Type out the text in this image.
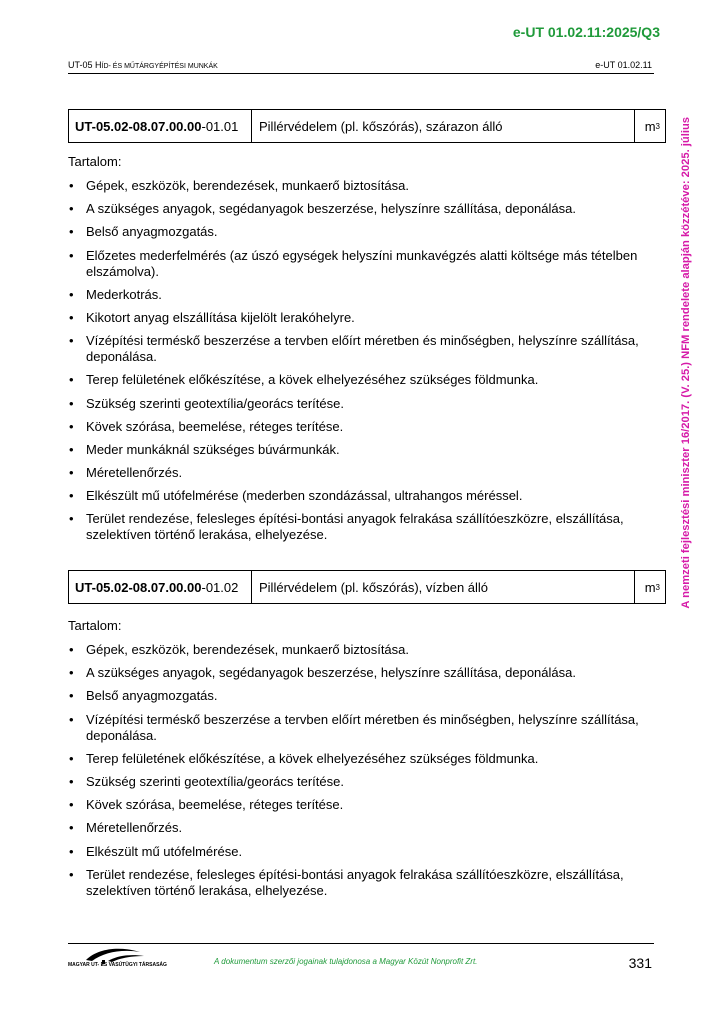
e-UT 01.02.11:2025/Q3
UT-05 HÍD- ÉS MŰTÁRGYÉPÍTÉSI MUNKÁK	e-UT 01.02.11
UT-05.02-08.07.00.00 -01.01	Pillérvédelem (pl. kőszórás), szárazon álló	m 3
Tartalom:
• Gépek, eszközök, berendezések, munkaerő biztosítása.
• A szükséges anyagok, segédanyagok beszerzése, helyszínre szállítása, deponálása.
• Belső anyagmozgatás.
• Előzetes mederfelmérés (az úszó egységek helyszíni munkavégzés alatti költsége más tételben elszámolva).
• Mederkotrás.
• Kikotort anyag elszállítása kijelölt lerakóhelyre.
• Vízépítési terméskő beszerzése a tervben előírt méretben és minőségben, helyszínre szállítása, deponálása.
• Terep felületének előkészítése, a kövek elhelyezéséhez szükséges földmunka.
• Szükség szerinti geotextília/georács terítése.
• Kövek szórása, beemelése, réteges terítése.
• Meder munkáknál szükséges búvármunkák.
• Méretellenőrzés.
• Elkészült mű utófelmérése (mederben szondázással, ultrahangos méréssel.
• Terület rendezése, felesleges építési-bontási anyagok felrakása szállítóeszközre, elszállítása, szelektíven történő lerakása, elhelyezése.
UT-05.02-08.07.00.00 -01.02	Pillérvédelem (pl. kőszórás), vízben álló	m 3
Tartalom:
• Gépek, eszközök, berendezések, munkaerő biztosítása.
• A szükséges anyagok, segédanyagok beszerzése, helyszínre szállítása, deponálása.
• Belső anyagmozgatás.
• Vízépítési terméskő beszerzése a tervben előírt méretben és minőségben, helyszínre szállítása, deponálása.
• Terep felületének előkészítése, a kövek elhelyezéséhez szükséges földmunka.
• Szükség szerinti geotextília/georács terítése.
• Kövek szórása, beemelése, réteges terítése.
• Méretellenőrzés.
• Elkészült mű utófelmérése.
• Terület rendezése, felesleges építési-bontási anyagok felrakása szállítóeszközre, elszállítása, szelektíven történő lerakása, elhelyezése.
A nemzeti fejlesztési miniszter 16/2017. (V. 25.) NFM rendelete alapján közzétéve: 2025. július
MAGYAR UT- ÉS VASÚTÜGYI TÁRSASÁG	A dokumentum szerzői jogainak tulajdonosa a Magyar Közút Nonprofit Zrt.	331
